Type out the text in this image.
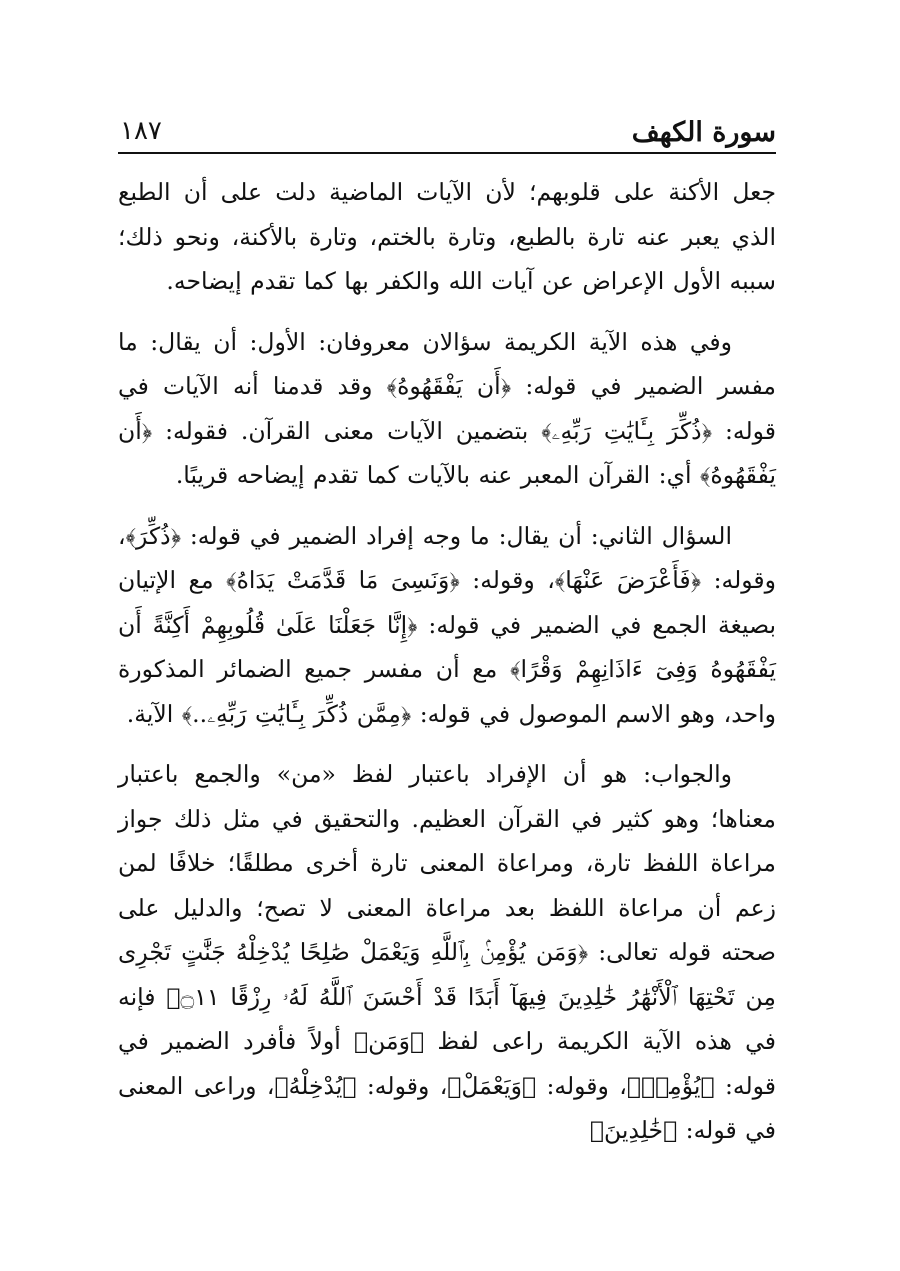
سورة الكهف
١٨٧

جعل الأكنة على قلوبهم؛ لأن الآيات الماضية دلت على أن الطبع الذي يعبر عنه تارة بالطبع، وتارة بالختم، وتارة بالأكنة، ونحو ذلك؛ سببه الأول الإعراض عن آيات الله والكفر بها كما تقدم إيضاحه.

وفي هذه الآية الكريمة سؤالان معروفان: الأول: أن يقال: ما مفسر الضمير في قوله: ﴿أَن يَفْقَهُوهُ﴾ وقد قدمنا أنه الآيات في قوله: ﴿ذُكِّرَ بِـَٔايَٰتِ رَبِّهِۦ﴾ بتضمين الآيات معنى القرآن. فقوله: ﴿أَن يَفْقَهُوهُ﴾ أي: القرآن المعبر عنه بالآيات كما تقدم إيضاحه قريبًا.

السؤال الثاني: أن يقال: ما وجه إفراد الضمير في قوله: ﴿ذُكِّرَ﴾، وقوله: ﴿فَأَعْرَضَ عَنْهَا﴾، وقوله: ﴿وَنَسِىَ مَا قَدَّمَتْ يَدَاهُ﴾ مع الإتيان بصيغة الجمع في الضمير في قوله: ﴿إِنَّا جَعَلْنَا عَلَىٰ قُلُوبِهِمْ أَكِنَّةً أَن يَفْقَهُوهُ وَفِىٓ ءَاذَانِهِمْ وَقْرًا﴾ مع أن مفسر جميع الضمائر المذكورة واحد، وهو الاسم الموصول في قوله: ﴿مِمَّن ذُكِّرَ بِـَٔايَٰتِ رَبِّهِۦ..﴾ الآية.

والجواب: هو أن الإفراد باعتبار لفظ «من» والجمع باعتبار معناها؛ وهو كثير في القرآن العظيم. والتحقيق في مثل ذلك جواز مراعاة اللفظ تارة، ومراعاة المعنى تارة أخرى مطلقًا؛ خلافًا لمن زعم أن مراعاة اللفظ بعد مراعاة المعنى لا تصح؛ والدليل على صحته قوله تعالى: ﴿وَمَن يُؤْمِنۢ بِٱللَّهِ وَيَعْمَلْ صَٰلِحًا يُدْخِلْهُ جَنَّٰتٍ تَجْرِى مِن تَحْتِهَا ٱلْأَنْهَٰرُ خَٰلِدِينَ فِيهَآ أَبَدًا قَدْ أَحْسَنَ ٱللَّهُ لَهُۥ رِزْقًا ۝١١﴾ فإنه في هذه الآية الكريمة راعى لفظ ﴿وَمَن﴾ أولاً فأفرد الضمير في قوله: ﴿يُؤْمِنۢ﴾، وقوله: ﴿وَيَعْمَلْ﴾، وقوله: ﴿يُدْخِلْهُ﴾، وراعى المعنى في قوله: ﴿خَٰلِدِينَ﴾
